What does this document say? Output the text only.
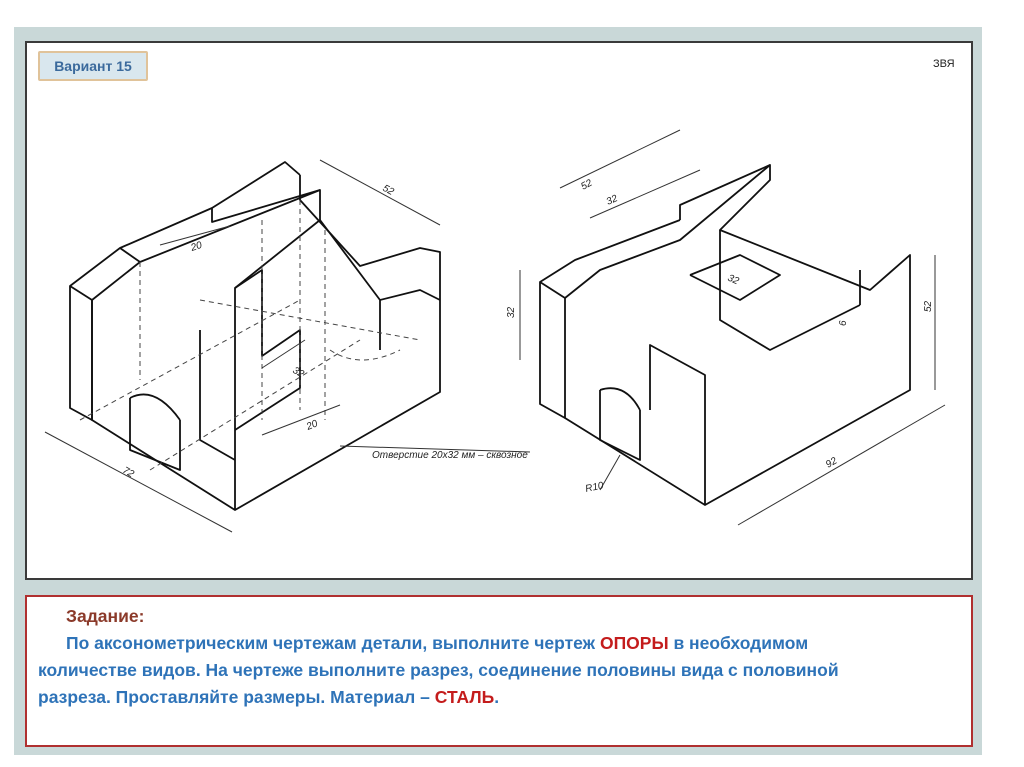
Вариант 15	ЗВЯ
52
20
32
20
72
Отверстие 20х32 мм – сквозное
52
32
32
32
6
52
92
R10
Задание:
По аксонометрическим чертежам детали, выполните чертеж ОПОРЫ в необходимом
количестве видов. На чертеже выполните разрез, соединение половины вида с половиной
разреза. Проставляйте размеры. Материал – СТАЛЬ.
